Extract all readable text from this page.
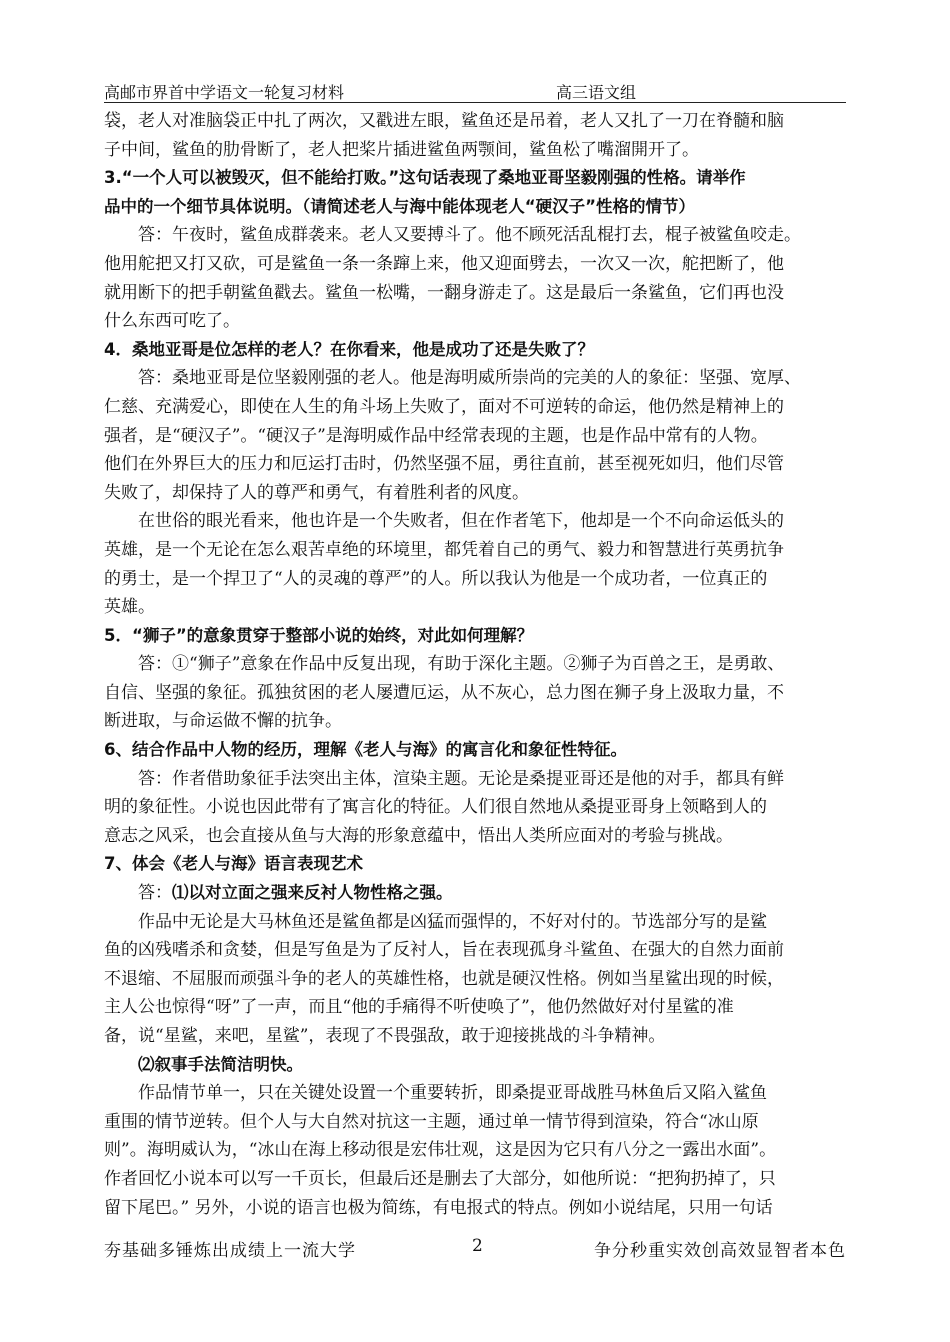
高邮市界首中学语文一轮复习材料	高三语文组

袋，老人对准脑袋正中扎了两次，又戳进左眼，鲨鱼还是吊着，老人又扎了一刀在脊髓和脑

子中间，鲨鱼的肋骨断了，老人把桨片插进鲨鱼两颚间，鲨鱼松了嘴溜開开了。

3.“一个人可以被毁灭，但不能给打败。”这句话表现了桑地亚哥坚毅刚强的性格。请举作

品中的一个细节具体说明。（请简述老人与海中能体现老人“硬汉子”性格的情节）

答：午夜时，鲨鱼成群袭来。老人又要搏斗了。他不顾死活乱棍打去，棍子被鲨鱼咬走。

他用舵把又打又砍，可是鲨鱼一条一条蹿上来，他又迎面劈去，一次又一次，舵把断了，他

就用断下的把手朝鲨鱼戳去。鲨鱼一松嘴，一翻身游走了。这是最后一条鲨鱼，它们再也没

什么东西可吃了。

4．桑地亚哥是位怎样的老人？在你看来，他是成功了还是失败了？

答：桑地亚哥是位坚毅刚强的老人。他是海明威所崇尚的完美的人的象征：坚强、宽厚、

仁慈、充满爱心，即使在人生的角斗场上失败了，面对不可逆转的命运，他仍然是精神上的

强者，是“硬汉子”。“硬汉子”是海明威作品中经常表现的主题，也是作品中常有的人物。

他们在外界巨大的压力和厄运打击时，仍然坚强不屈，勇往直前，甚至视死如归，他们尽管

失败了，却保持了人的尊严和勇气，有着胜利者的风度。

在世俗的眼光看来，他也许是一个失败者，但在作者笔下，他却是一个不向命运低头的

英雄，是一个无论在怎么艰苦卓绝的环境里，都凭着自己的勇气、毅力和智慧进行英勇抗争

的勇士，是一个捍卫了“人的灵魂的尊严”的人。所以我认为他是一个成功者，一位真正的

英雄。

5．“狮子”的意象贯穿于整部小说的始终，对此如何理解？

答：①“狮子”意象在作品中反复出现，有助于深化主题。②狮子为百兽之王，是勇敢、

自信、坚强的象征。孤独贫困的老人屡遭厄运，从不灰心，总力图在狮子身上汲取力量，不

断进取，与命运做不懈的抗争。

6、结合作品中人物的经历，理解《老人与海》的寓言化和象征性特征。

答：作者借助象征手法突出主体，渲染主题。无论是桑提亚哥还是他的对手，都具有鲜

明的象征性。小说也因此带有了寓言化的特征。人们很自然地从桑提亚哥身上领略到人的

意志之风采，也会直接从鱼与大海的形象意蕴中，悟出人类所应面对的考验与挑战。

7、体会《老人与海》语言表现艺术

答：⑴以对立面之强来反衬人物性格之强。

作品中无论是大马林鱼还是鲨鱼都是凶猛而强悍的，不好对付的。节选部分写的是鲨

鱼的凶残嗜杀和贪婪，但是写鱼是为了反衬人，旨在表现孤身斗鲨鱼、在强大的自然力面前

不退缩、不屈服而顽强斗争的老人的英雄性格，也就是硬汉性格。例如当星鲨出现的时候，

主人公也惊得“呀”了一声，而且“他的手痛得不听使唤了”，他仍然做好对付星鲨的准

备，说“星鲨，来吧，星鲨”，表现了不畏强敌，敢于迎接挑战的斗争精神。

⑵叙事手法简洁明快。

作品情节单一，只在关键处设置一个重要转折，即桑提亚哥战胜马林鱼后又陷入鲨鱼

重围的情节逆转。但个人与大自然对抗这一主题，通过单一情节得到渲染，符合“冰山原

则”。海明威认为，“冰山在海上移动很是宏伟壮观，这是因为它只有八分之一露出水面”。

作者回忆小说本可以写一千页长，但最后还是删去了大部分，如他所说：“把狗扔掉了，只

留下尾巴。” 另外，小说的语言也极为简练，有电报式的特点。例如小说结尾，只用一句话

夯基础多锤炼出成绩上一流大学	2	争分秒重实效创高效显智者本色
